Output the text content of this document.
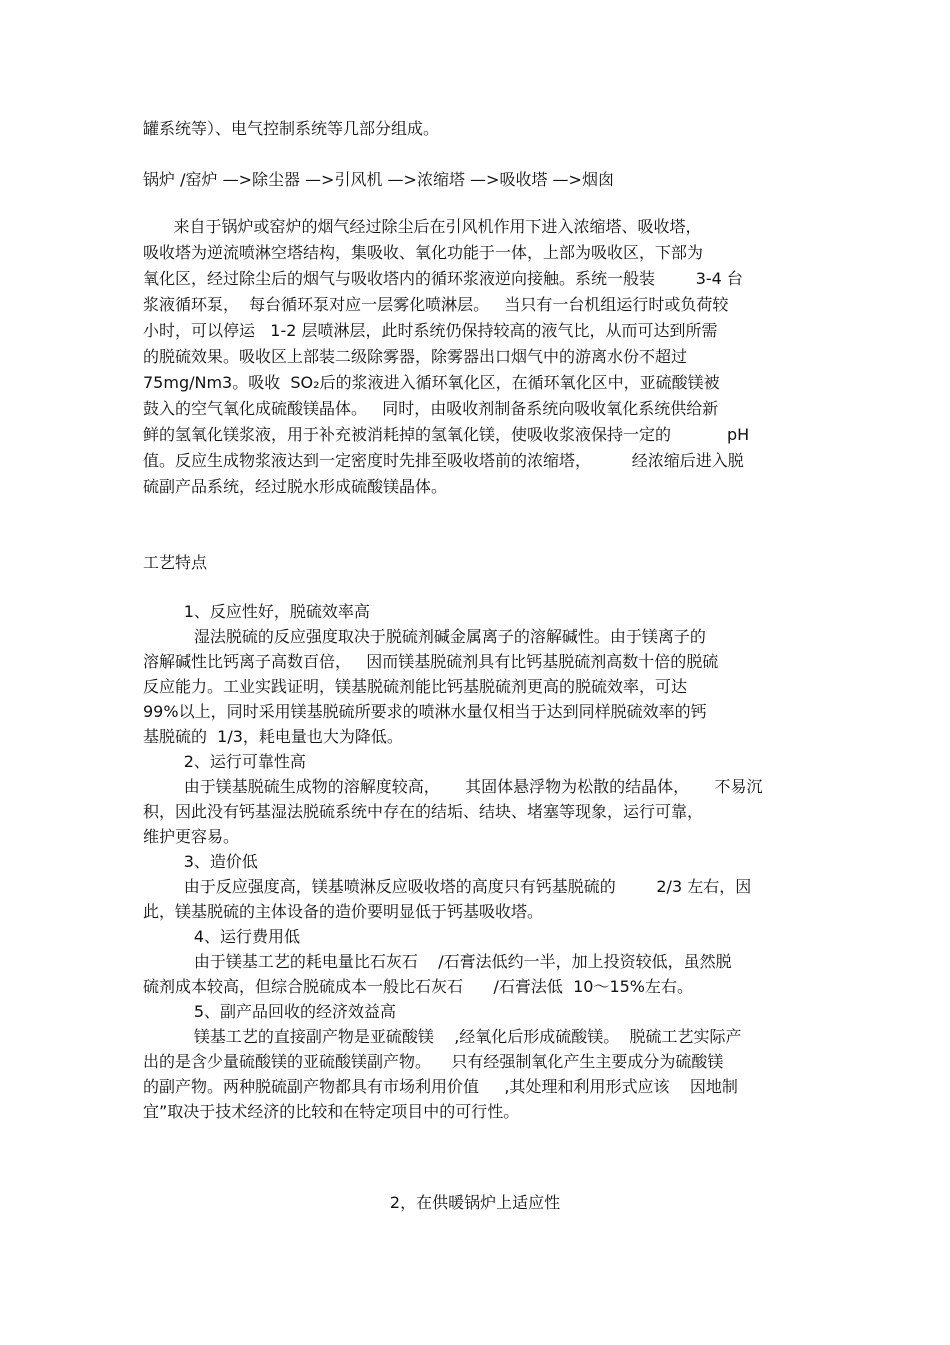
罐系统等）、电气控制系统等几部分组成。
锅炉 /窑炉 —>除尘器 —>引风机 —>浓缩塔 —>吸收塔 —>烟囱
来自于锅炉或窑炉的烟气经过除尘后在引风机作用下进入浓缩塔、吸收塔，
吸收塔为逆流喷淋空塔结构，集吸收、氧化功能于一体，上部为吸收区，下部为
氧化区，经过除尘后的烟气与吸收塔内的循环浆液逆向接触。系统一般装        3-4 台
浆液循环泵，  每台循环泵对应一层雾化喷淋层。   当只有一台机组运行时或负荷较
小时，可以停运   1-2 层喷淋层，此时系统仍保持较高的液气比，从而可达到所需
的脱硫效果。吸收区上部装二级除雾器，除雾器出口烟气中的游离水份不超过
75mg/Nm3。吸收  SO₂后的浆液进入循环氧化区，在循环氧化区中，亚硫酸镁被
鼓入的空气氧化成硫酸镁晶体。   同时，由吸收剂制备系统向吸收氧化系统供给新
鲜的氢氧化镁浆液，用于补充被消耗掉的氢氧化镁，使吸收浆液保持一定的           pH
值。反应生成物浆液达到一定密度时先排至吸收塔前的浓缩塔，        经浓缩后进入脱
硫副产品系统，经过脱水形成硫酸镁晶体。
工艺特点
1、反应性好，脱硫效率高
湿法脱硫的反应强度取决于脱硫剂碱金属离子的溶解碱性。由于镁离子的
溶解碱性比钙离子高数百倍，   因而镁基脱硫剂具有比钙基脱硫剂高数十倍的脱硫
反应能力。工业实践证明，镁基脱硫剂能比钙基脱硫剂更高的脱硫效率，可达
99%以上，同时采用镁基脱硫所要求的喷淋水量仅相当于达到同样脱硫效率的钙
基脱硫的  1/3，耗电量也大为降低。
2、运行可靠性高
由于镁基脱硫生成物的溶解度较高，     其固体悬浮物为松散的结晶体，     不易沉
积，因此没有钙基湿法脱硫系统中存在的结垢、结块、堵塞等现象，运行可靠，
维护更容易。
3、造价低
由于反应强度高，镁基喷淋反应吸收塔的高度只有钙基脱硫的        2/3 左右，因
此，镁基脱硫的主体设备的造价要明显低于钙基吸收塔。
4、运行费用低
由于镁基工艺的耗电量比石灰石    /石膏法低约一半，加上投资较低，虽然脱
硫剂成本较高，但综合脱硫成本一般比石灰石      /石膏法低  10～15%左右。
5、副产品回收的经济效益高
镁基工艺的直接副产物是亚硫酸镁    ,经氧化后形成硫酸镁。  脱硫工艺实际产
出的是含少量硫酸镁的亚硫酸镁副产物。    只有经强制氧化产生主要成分为硫酸镁
的副产物。两种脱硫副产物都具有市场利用价值     ,其处理和利用形式应该    因地制
宜”取决于技术经济的比较和在特定项目中的可行性。
2，在供暖锅炉上适应性
